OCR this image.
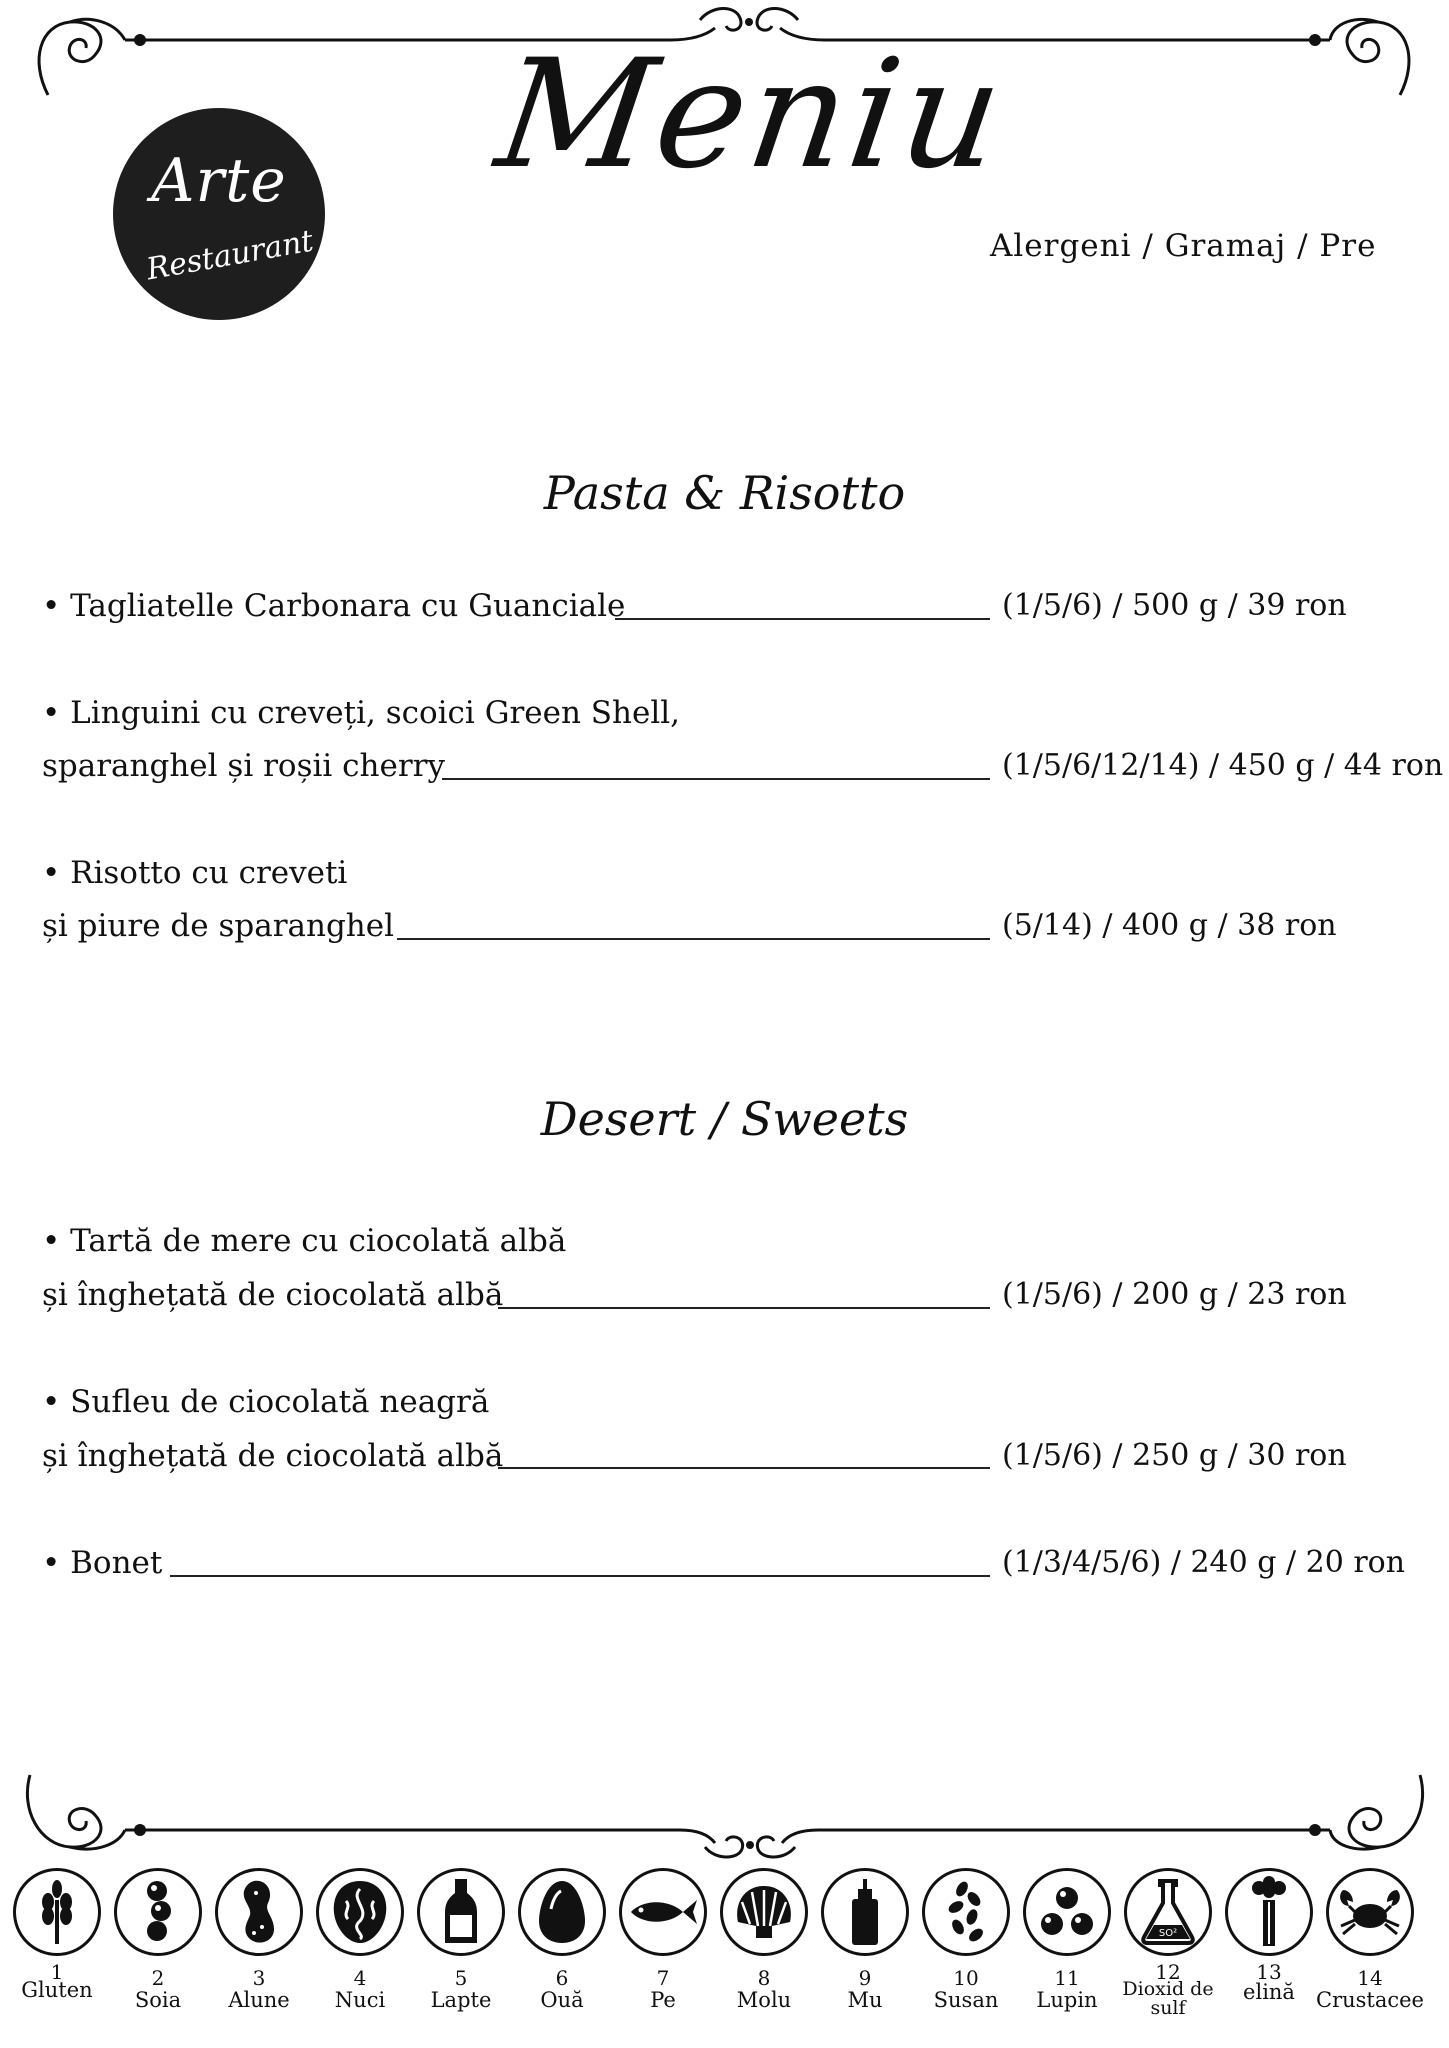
Arte
Restaurant
Meniu
Alergeni / Gramaj / Pre
Pasta & Risotto
• Tagliatelle Carbonara cu Guanciale	(1/5/6) / 500 g / 39 ron
• Linguini cu creveți, scoici Green Shell,
sparanghel și roșii cherry	(1/5/6/12/14) / 450 g / 44 ron
• Risotto cu creveti
și piure de sparanghel	(5/14) / 400 g / 38 ron
Desert / Sweets
• Tartă de mere cu ciocolată albă
și înghețată de ciocolată albă	(1/5/6) / 200 g / 23 ron
• Sufleu de ciocolată neagră
și înghețată de ciocolată albă	(1/5/6) / 250 g / 30 ron
• Bonet	(1/3/4/5/6) / 240 g / 20 ron
1
Gluten	2
Soia
3
Alune
4
Nuci
5
Lapte
6
Ouă
7
Pe
8
Molu
9
Mu
10
Susan
11
Lupin
SO²
12
Dioxid de sulf
13
elină
14
Crustacee
